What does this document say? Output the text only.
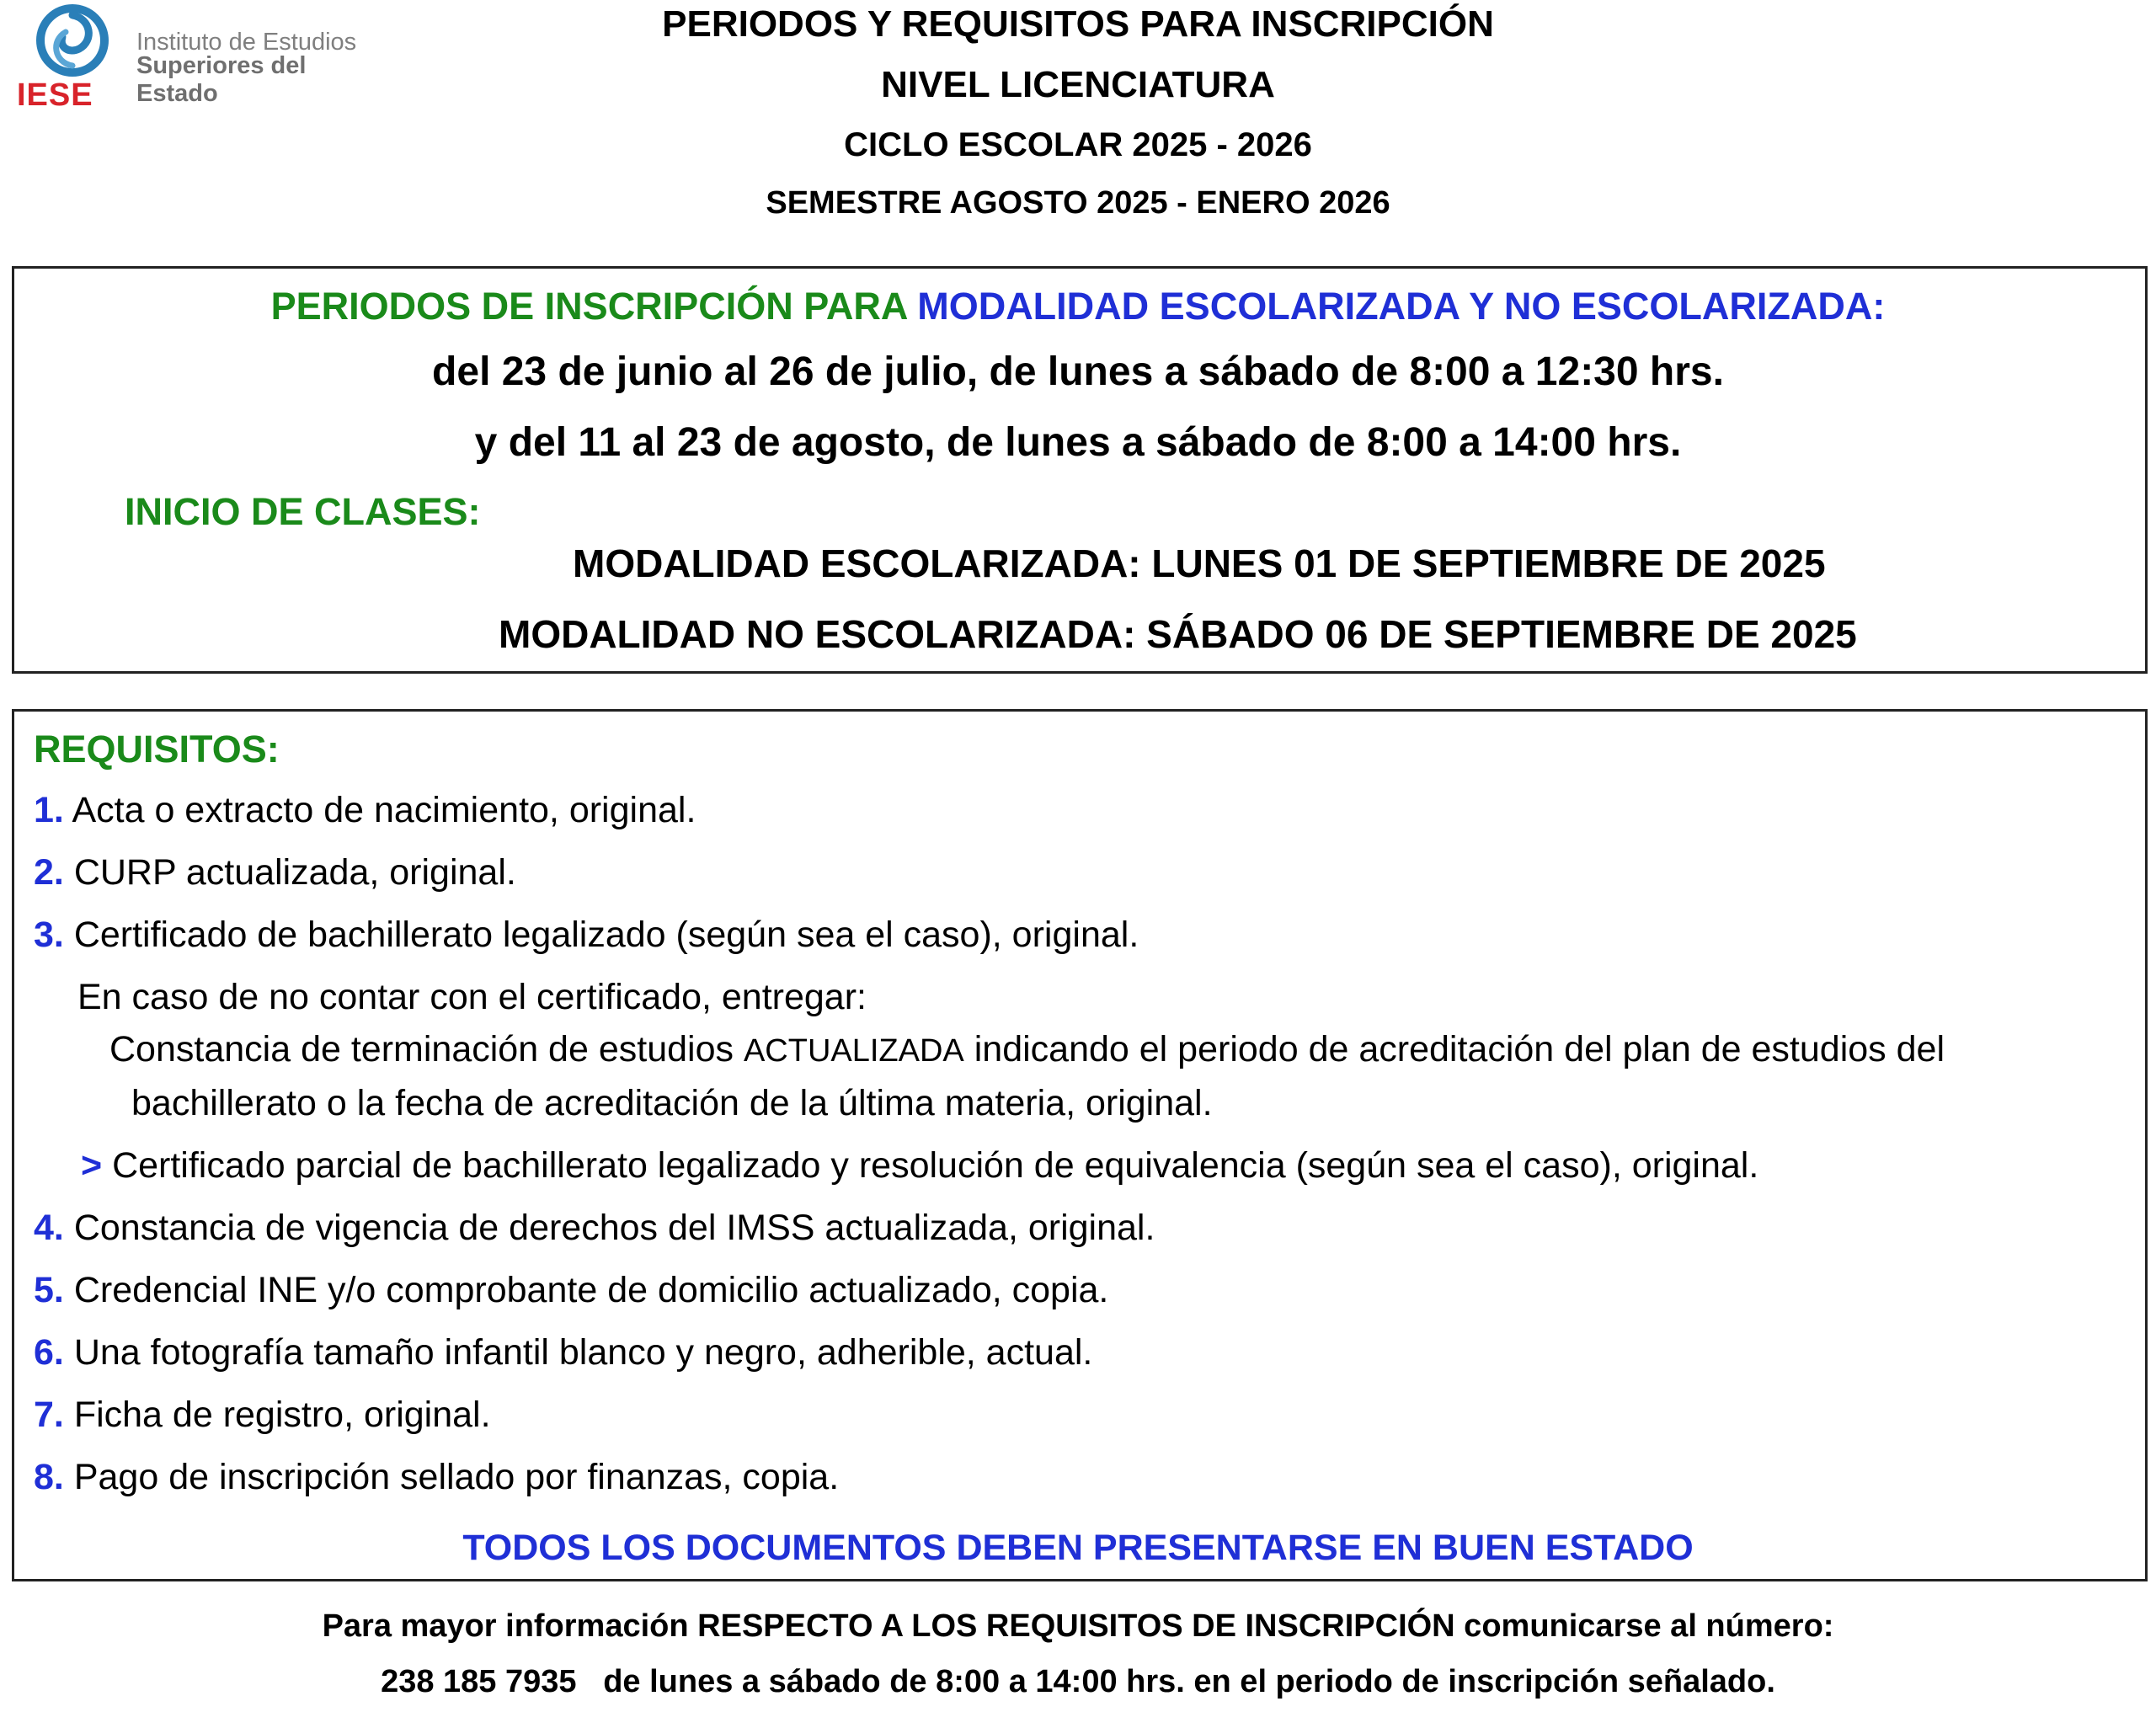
Instituto de Estudios
Superiores del Estado
IESE
PERIODOS Y REQUISITOS PARA INSCRIPCIÓN
NIVEL LICENCIATURA
CICLO ESCOLAR 2025 - 2026
SEMESTRE AGOSTO 2025 - ENERO 2026
PERIODOS DE INSCRIPCIÓN PARA MODALIDAD ESCOLARIZADA Y NO ESCOLARIZADA:
del 23 de junio al 26 de julio, de lunes a sábado de 8:00 a 12:30 hrs.
y del 11 al 23 de agosto, de lunes a sábado de 8:00 a 14:00 hrs.
INICIO DE CLASES:
MODALIDAD ESCOLARIZADA: LUNES 01 DE SEPTIEMBRE DE 2025
MODALIDAD NO ESCOLARIZADA: SÁBADO 06 DE SEPTIEMBRE DE 2025
REQUISITOS:
1. Acta o extracto de nacimiento, original.
2. CURP actualizada, original.
3. Certificado de bachillerato legalizado (según sea el caso), original.
En caso de no contar con el certificado, entregar:
Constancia de terminación de estudios ACTUALIZADA indicando el periodo de acreditación del plan de estudios del
bachillerato o la fecha de acreditación de la última materia, original.
> Certificado parcial de bachillerato legalizado y resolución de equivalencia (según sea el caso), original.
4. Constancia de vigencia de derechos del IMSS actualizada, original.
5. Credencial INE y/o comprobante de domicilio actualizado, copia.
6. Una fotografía tamaño infantil blanco y negro, adherible, actual.
7. Ficha de registro, original.
8. Pago de inscripción sellado por finanzas, copia.
TODOS LOS DOCUMENTOS DEBEN PRESENTARSE EN BUEN ESTADO
Para mayor información RESPECTO A LOS REQUISITOS DE INSCRIPCIÓN comunicarse al número:
238 185 7935   de lunes a sábado de 8:00 a 14:00 hrs. en el periodo de inscripción señalado.
